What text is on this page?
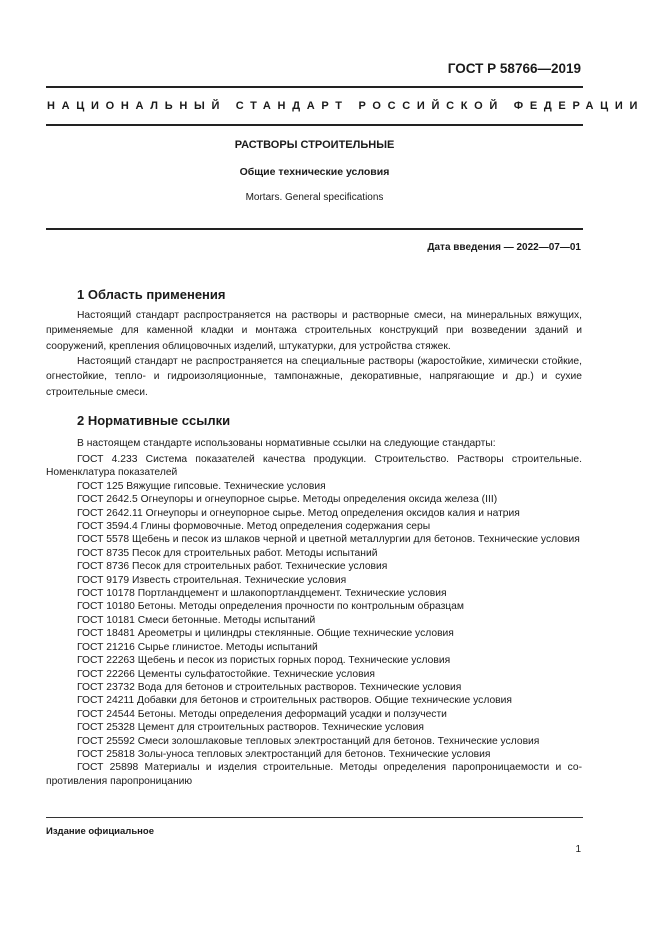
ГОСТ Р 58766—2019
НАЦИОНАЛЬНЫЙ СТАНДАРТ РОССИЙСКОЙ ФЕДЕРАЦИИ
РАСТВОРЫ СТРОИТЕЛЬНЫЕ
Общие технические условия
Mortars. General specifications
Дата введения — 2022—07—01
1 Область применения
Настоящий стандарт распространяется на растворы и растворные смеси, на минеральных вяжущих, применяемые для каменной кладки и монтажа строительных конструкций при возведении зданий и сооружений, крепления облицовочных изделий, штукатурки, для устройства стяжек.
Настоящий стандарт не распространяется на специальные растворы (жаростойкие, химически стойкие, огнестойкие, тепло- и гидроизоляционные, тампонажные, декоративные, напрягающие и др.) и сухие строительные смеси.
2 Нормативные ссылки
В настоящем стандарте использованы нормативные ссылки на следующие стандарты:
ГОСТ 4.233 Система показателей качества продукции. Строительство. Растворы строительные. Номенклатура показателей
ГОСТ 125 Вяжущие гипсовые. Технические условия
ГОСТ 2642.5 Огнеупоры и огнеупорное сырье. Методы определения оксида железа (III)
ГОСТ 2642.11 Огнеупоры и огнеупорное сырье. Метод определения оксидов калия и натрия
ГОСТ 3594.4 Глины формовочные. Метод определения содержания серы
ГОСТ 5578 Щебень и песок из шлаков черной и цветной металлургии для бетонов. Технические условия
ГОСТ 8735 Песок для строительных работ. Методы испытаний
ГОСТ 8736 Песок для строительных работ. Технические условия
ГОСТ 9179 Известь строительная. Технические условия
ГОСТ 10178 Портландцемент и шлакопортландцемент. Технические условия
ГОСТ 10180 Бетоны. Методы определения прочности по контрольным образцам
ГОСТ 10181 Смеси бетонные. Методы испытаний
ГОСТ 18481 Ареометры и цилиндры стеклянные. Общие технические условия
ГОСТ 21216 Сырье глинистое. Методы испытаний
ГОСТ 22263 Щебень и песок из пористых горных пород. Технические условия
ГОСТ 22266 Цементы сульфатостойкие. Технические условия
ГОСТ 23732 Вода для бетонов и строительных растворов. Технические условия
ГОСТ 24211 Добавки для бетонов и строительных растворов. Общие технические условия
ГОСТ 24544 Бетоны. Методы определения деформаций усадки и ползучести
ГОСТ 25328 Цемент для строительных растворов. Технические условия
ГОСТ 25592 Смеси золошлаковые тепловых электростанций для бетонов. Технические условия
ГОСТ 25818 Золы-уноса тепловых электростанций для бетонов. Технические условия
ГОСТ 25898 Материалы и изделия строительные. Методы определения паропроницаемости и сопротивления паропроницанию
Издание официальное
1
